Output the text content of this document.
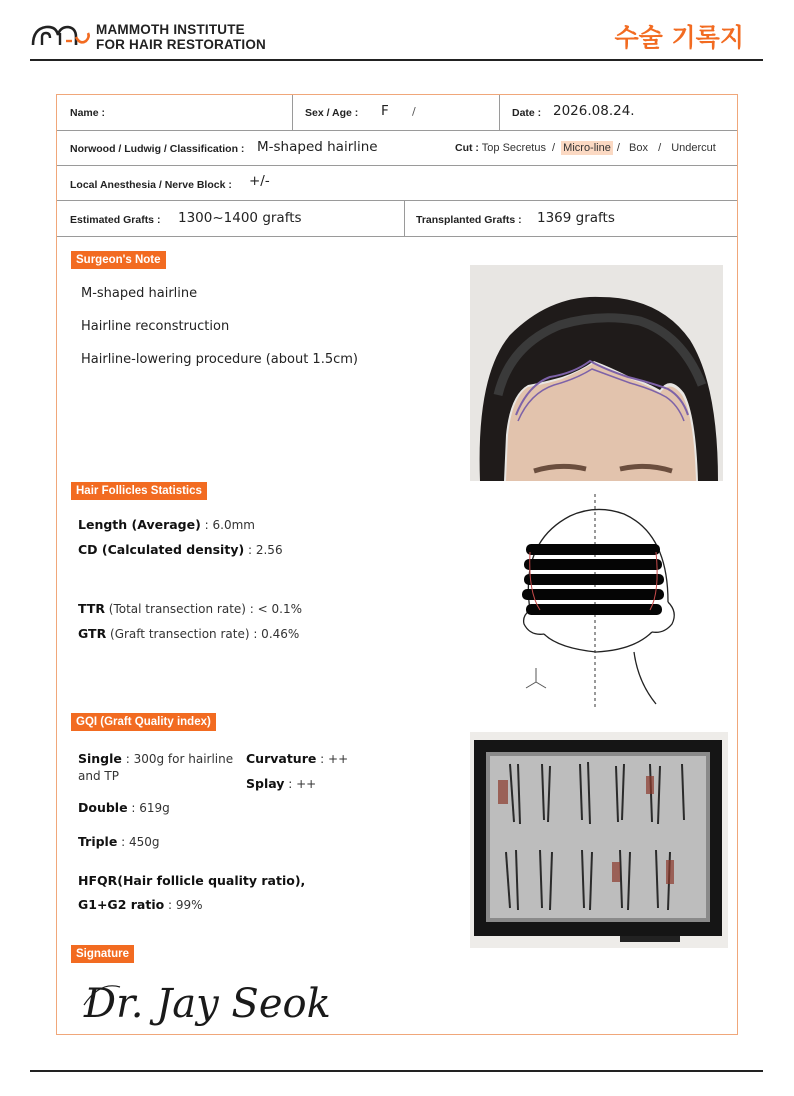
MAMMOTH INSTITUTE
FOR HAIR RESTORATION	수술 기록지
Name :	Sex / Age : F /	Date : 2026.08.24.
Norwood / Ludwig / Classification : M-shaped hairline	Cut : Top Secretus / Micro-line / Box / Undercut
Local Anesthesia / Nerve Block : +/-
Estimated Grafts : 1300~1400 grafts	Transplanted Grafts : 1369 grafts
Surgeon's Note
M-shaped hairline
Hairline reconstruction
Hairline-lowering procedure (about 1.5cm)
Hair Follicles Statistics
Length (Average) : 6.0mm
CD (Calculated density) : 2.56
TTR (Total transection rate) : < 0.1%
GTR (Graft transection rate) : 0.46%
GQI (Graft Quality index)
Single : 300g for hairline
and TP
Curvature : ++
Splay : ++
Double : 619g
Triple : 450g
HFQR(Hair follicle quality ratio),
G1+G2 ratio : 99%
Signature
Dr. Jay Seok
